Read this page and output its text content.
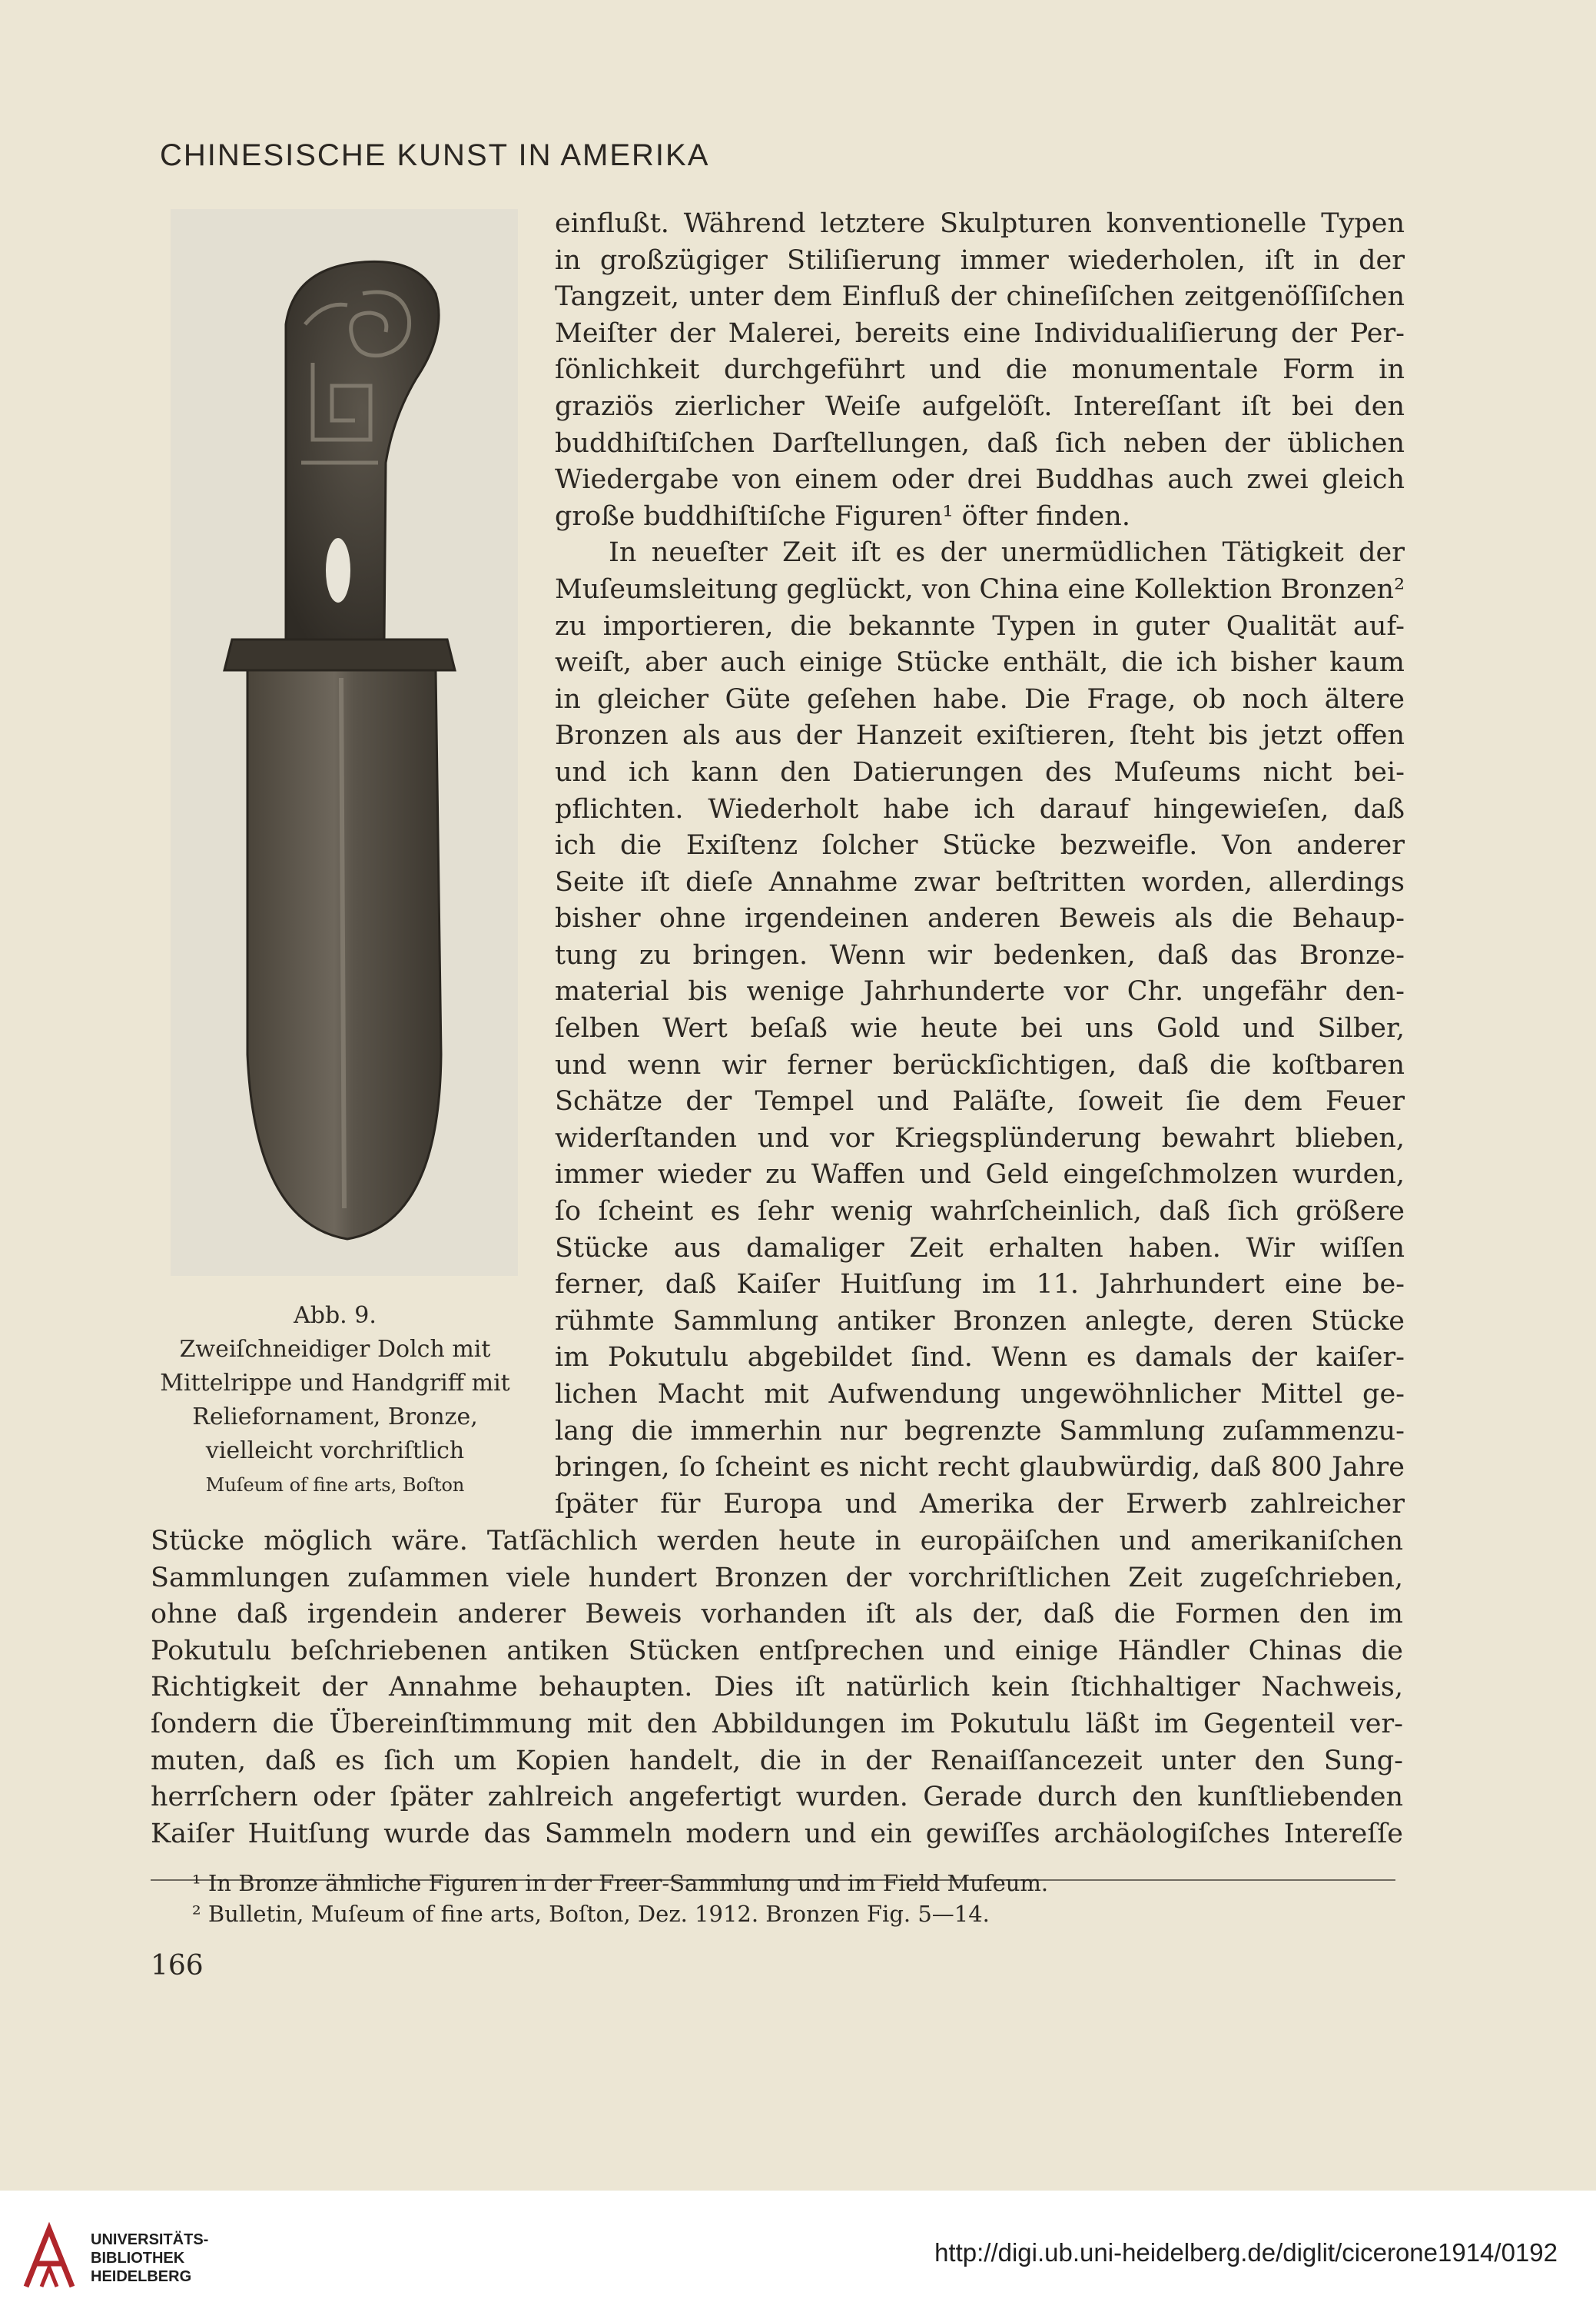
CHINESISCHE KUNST IN AMERIKA
Abb. 9.
Zweiſchneidiger Dolch mit
Mittelrippe und Handgriff mit
Reliefornament, Bronze,
vielleicht vorchriſtlich
Muſeum of fine arts, Boſton
einflußt. Während letztere Skulpturen konventionelle Typen
in großzügiger Stiliſierung immer wiederholen, iſt in der
Tangzeit, unter dem Einfluß der chineſiſchen zeitgenöſſiſchen
Meiſter der Malerei, bereits eine Individualiſierung der Per-
ſönlichkeit durchgeführt und die monumentale Form in
graziös zierlicher Weiſe aufgelöſt. Intereſſant iſt bei den
buddhiſtiſchen Darſtellungen, daß ſich neben der üblichen
Wiedergabe von einem oder drei Buddhas auch zwei gleich
große buddhiſtiſche Figuren¹ öfter finden.
In neueſter Zeit iſt es der unermüdlichen Tätigkeit der
Muſeumsleitung geglückt, von China eine Kollektion Bronzen²
zu importieren, die bekannte Typen in guter Qualität auf-
weiſt, aber auch einige Stücke enthält, die ich bisher kaum
in gleicher Güte geſehen habe. Die Frage, ob noch ältere
Bronzen als aus der Hanzeit exiſtieren, ſteht bis jetzt offen
und ich kann den Datierungen des Muſeums nicht bei-
pflichten. Wiederholt habe ich darauf hingewieſen, daß
ich die Exiſtenz ſolcher Stücke bezweifle. Von anderer
Seite iſt dieſe Annahme zwar beſtritten worden, allerdings
bisher ohne irgendeinen anderen Beweis als die Behaup-
tung zu bringen. Wenn wir bedenken, daß das Bronze-
material bis wenige Jahrhunderte vor Chr. ungefähr den-
ſelben Wert beſaß wie heute bei uns Gold und Silber,
und wenn wir ferner berückſichtigen, daß die koſtbaren
Schätze der Tempel und Paläſte, ſoweit ſie dem Feuer
widerſtanden und vor Kriegsplünderung bewahrt blieben,
immer wieder zu Waffen und Geld eingeſchmolzen wurden,
ſo ſcheint es ſehr wenig wahrſcheinlich, daß ſich größere
Stücke aus damaliger Zeit erhalten haben. Wir wiſſen
ferner, daß Kaiſer Huitſung im 11. Jahrhundert eine be-
rühmte Sammlung antiker Bronzen anlegte, deren Stücke
im Pokutulu abgebildet ſind. Wenn es damals der kaiſer-
lichen Macht mit Aufwendung ungewöhnlicher Mittel ge-
lang die immerhin nur begrenzte Sammlung zuſammenzu-
bringen, ſo ſcheint es nicht recht glaubwürdig, daß 800 Jahre
ſpäter für Europa und Amerika der Erwerb zahlreicher
Stücke möglich wäre. Tatſächlich werden heute in europäiſchen und amerikaniſchen
Sammlungen zuſammen viele hundert Bronzen der vorchriſtlichen Zeit zugeſchrieben,
ohne daß irgendein anderer Beweis vorhanden iſt als der, daß die Formen den im
Pokutulu beſchriebenen antiken Stücken entſprechen und einige Händler Chinas die
Richtigkeit der Annahme behaupten. Dies iſt natürlich kein ſtichhaltiger Nachweis,
ſondern die Übereinſtimmung mit den Abbildungen im Pokutulu läßt im Gegenteil ver-
muten, daß es ſich um Kopien handelt, die in der Renaiſſancezeit unter den Sung-
herrſchern oder ſpäter zahlreich angefertigt wurden. Gerade durch den kunſtliebenden
Kaiſer Huitſung wurde das Sammeln modern und ein gewiſſes archäologiſches Intereſſe
¹ In Bronze ähnliche Figuren in der Freer-Sammlung und im Field Muſeum.
² Bulletin, Muſeum of fine arts, Boſton, Dez. 1912. Bronzen Fig. 5—14.
166
UNIVERSITÄTS-
BIBLIOTHEK
HEIDELBERG
http://digi.ub.uni-heidelberg.de/diglit/cicerone1914/0192
